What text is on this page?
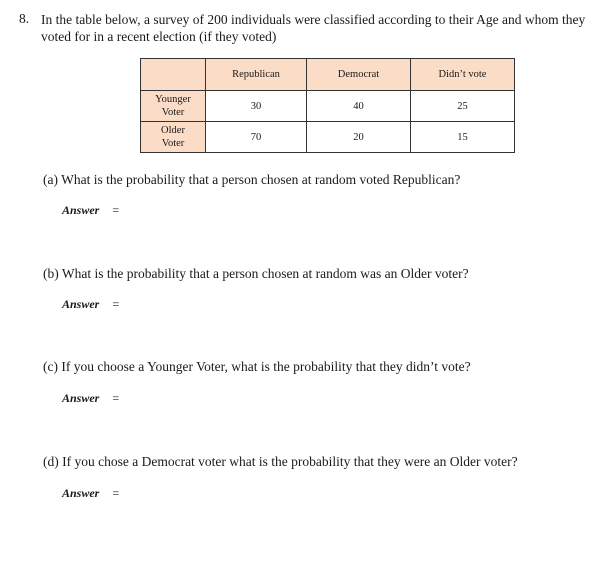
8. In the table below, a survey of 200 individuals were classified according to their Age and whom they voted for in a recent election (if they voted)
	Republican	Democrat	Didn’t vote
Younger
Voter	30	40	25
Older
Voter	70	20	15
(a) What is the probability that a person chosen at random voted Republican?
Answer =
(b) What is the probability that a person chosen at random was an Older voter?
Answer =
(c) If you choose a Younger Voter, what is the probability that they didn’t vote?
Answer =
(d) If you chose a Democrat voter what is the probability that they were an Older voter?
Answer =
